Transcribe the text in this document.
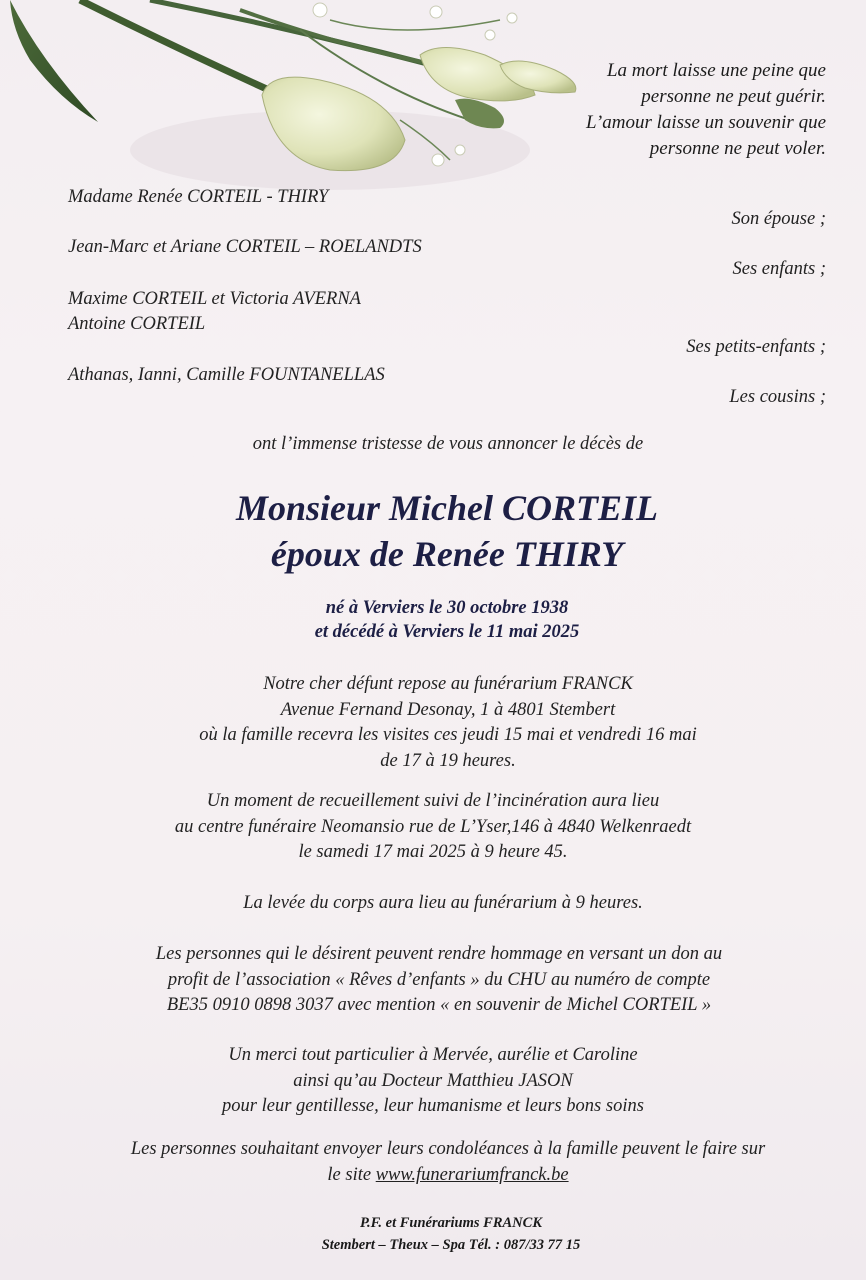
La mort laisse une peine que
personne ne peut guérir.
L’amour laisse un souvenir que
personne ne peut voler.
Madame Renée CORTEIL - THIRY
Son épouse ;
Jean-Marc et Ariane CORTEIL – ROELANDTS
Ses enfants ;
Maxime CORTEIL et Victoria AVERNA
Antoine CORTEIL
Ses petits-enfants ;
Athanas, Ianni, Camille FOUNTANELLAS
Les cousins ;
ont l’immense tristesse de vous annoncer le décès de
Monsieur Michel CORTEIL
époux de Renée THIRY
né à Verviers le 30 octobre 1938
et décédé à Verviers le 11 mai 2025
Notre cher défunt repose au funérarium FRANCK
Avenue Fernand Desonay, 1 à 4801 Stembert
où la famille recevra les visites ces jeudi 15 mai et vendredi 16 mai
de 17 à 19 heures.
Un moment de recueillement suivi de l’incinération aura lieu
au centre funéraire Neomansio rue de L’Yser,146 à 4840 Welkenraedt
le samedi 17 mai 2025 à 9 heure 45.
La levée du corps aura lieu au funérarium à 9 heures.
Les personnes qui le désirent peuvent rendre hommage en versant un don au
profit de l’association « Rêves d’enfants » du CHU au numéro de compte
BE35 0910 0898 3037 avec mention « en souvenir de Michel CORTEIL »
Un merci tout particulier à Mervée, aurélie et Caroline
ainsi qu’au Docteur Matthieu JASON
pour leur gentillesse, leur humanisme et leurs bons soins
Les personnes souhaitant envoyer leurs condoléances à la famille peuvent le faire sur
le site www.funerariumfranck.be
P.F. et Funérariums FRANCK
Stembert – Theux – Spa Tél. : 087/33 77 15
